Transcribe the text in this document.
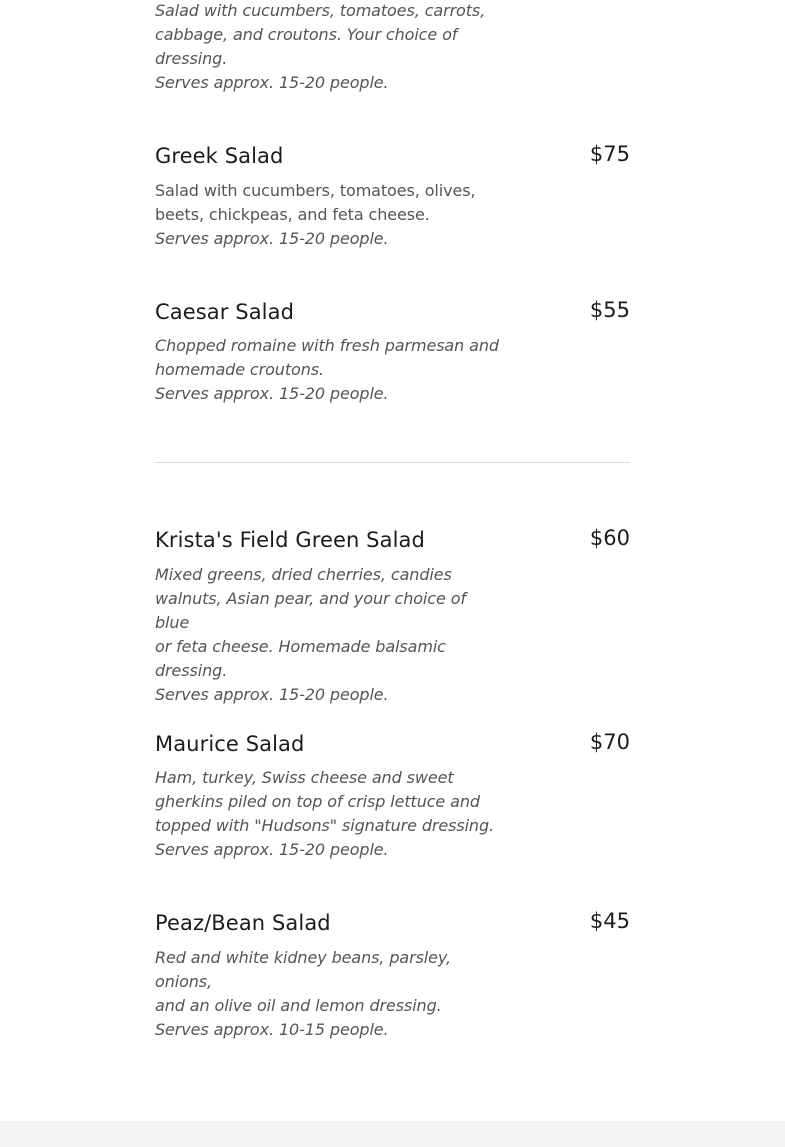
Salad with cucumbers, tomatoes, carrots,
cabbage, and croutons. Your choice of
dressing.
Serves approx. 15-20 people.
Greek Salad	$75
Salad with cucumbers, tomatoes, olives,
beets, chickpeas, and feta cheese.
Serves approx. 15-20 people.
Caesar Salad	$55
Chopped romaine with fresh parmesan and
homemade croutons.
Serves approx. 15-20 people.
Krista's Field Green Salad	$60
Mixed greens, dried cherries, candies
walnuts, Asian pear, and your choice of blue
or feta cheese. Homemade balsamic
dressing.
Serves approx. 15-20 people.
Maurice Salad	$70
Ham, turkey, Swiss cheese and sweet
gherkins piled on top of crisp lettuce and
topped with "Hudsons" signature dressing.
Serves approx. 15-20 people.
Peaz/Bean Salad	$45
Red and white kidney beans, parsley, onions,
and an olive oil and lemon dressing.
Serves approx. 10-15 people.
